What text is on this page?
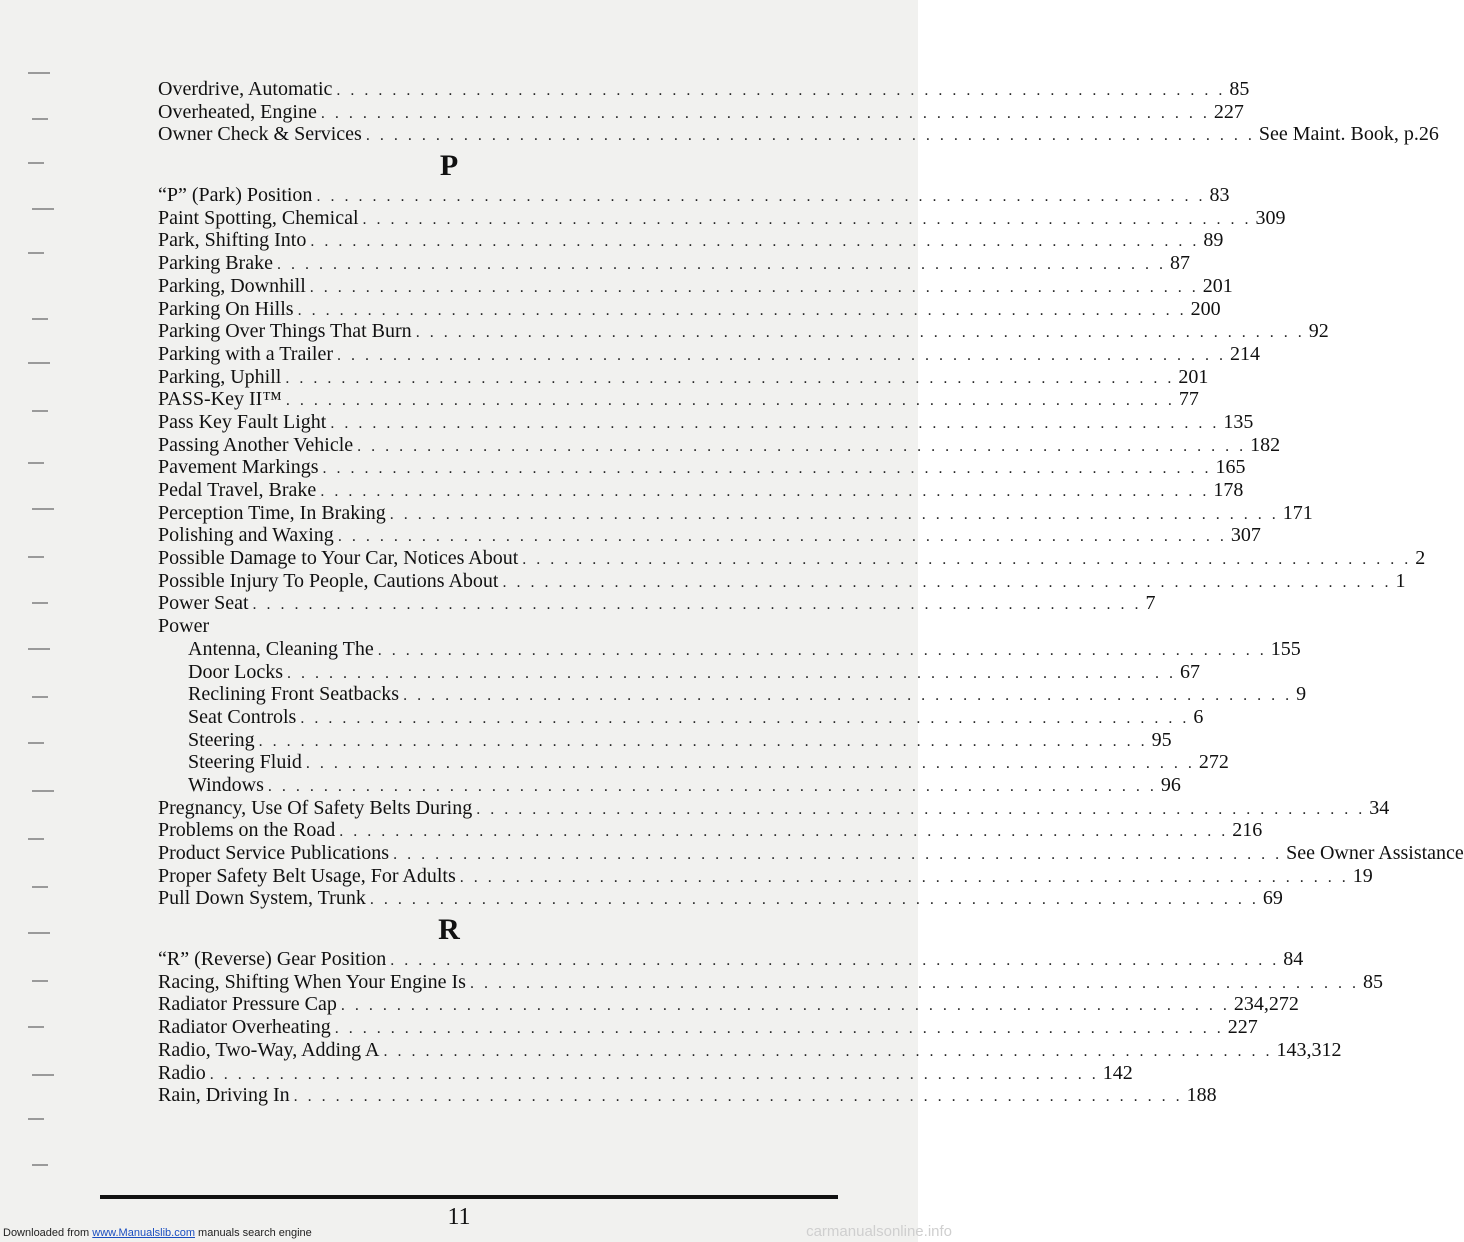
Overdrive, Automatic . . . . . . . . . . . . . . . . . . . . . . . . . . . . . . . . . . . . . . . . . . . . . . . . . . . . . . . . . . . . . . . . 85
Overheated, Engine . . . . . . . . . . . . . . . . . . . . . . . . . . . . . . . . . . . . . . . . . . . . . . . . . . . . . . . . . . . . . . . . 227
Owner Check & Services . . . . . . . . . . . . . . . . . . . . . . . . . . . . . . . . . . . . . . . . . . . . . . . . . . . . . . . . . . . . . . . . See Maint. Book, p.26
P
“P” (Park) Position . . . . . . . . . . . . . . . . . . . . . . . . . . . . . . . . . . . . . . . . . . . . . . . . . . . . . . . . . . . . . . . . 83
Paint Spotting, Chemical . . . . . . . . . . . . . . . . . . . . . . . . . . . . . . . . . . . . . . . . . . . . . . . . . . . . . . . . . . . . . . . . 309
Park, Shifting Into . . . . . . . . . . . . . . . . . . . . . . . . . . . . . . . . . . . . . . . . . . . . . . . . . . . . . . . . . . . . . . . . 89
Parking Brake . . . . . . . . . . . . . . . . . . . . . . . . . . . . . . . . . . . . . . . . . . . . . . . . . . . . . . . . . . . . . . . . 87
Parking, Downhill . . . . . . . . . . . . . . . . . . . . . . . . . . . . . . . . . . . . . . . . . . . . . . . . . . . . . . . . . . . . . . . . 201
Parking On Hills . . . . . . . . . . . . . . . . . . . . . . . . . . . . . . . . . . . . . . . . . . . . . . . . . . . . . . . . . . . . . . . . 200
Parking Over Things That Burn . . . . . . . . . . . . . . . . . . . . . . . . . . . . . . . . . . . . . . . . . . . . . . . . . . . . . . . . . . . . . . . . 92
Parking with a Trailer . . . . . . . . . . . . . . . . . . . . . . . . . . . . . . . . . . . . . . . . . . . . . . . . . . . . . . . . . . . . . . . . 214
Parking, Uphill . . . . . . . . . . . . . . . . . . . . . . . . . . . . . . . . . . . . . . . . . . . . . . . . . . . . . . . . . . . . . . . . 201
PASS-Key II™ . . . . . . . . . . . . . . . . . . . . . . . . . . . . . . . . . . . . . . . . . . . . . . . . . . . . . . . . . . . . . . . . 77
Pass Key Fault Light . . . . . . . . . . . . . . . . . . . . . . . . . . . . . . . . . . . . . . . . . . . . . . . . . . . . . . . . . . . . . . . . 135
Passing Another Vehicle . . . . . . . . . . . . . . . . . . . . . . . . . . . . . . . . . . . . . . . . . . . . . . . . . . . . . . . . . . . . . . . . 182
Pavement Markings . . . . . . . . . . . . . . . . . . . . . . . . . . . . . . . . . . . . . . . . . . . . . . . . . . . . . . . . . . . . . . . . 165
Pedal Travel, Brake . . . . . . . . . . . . . . . . . . . . . . . . . . . . . . . . . . . . . . . . . . . . . . . . . . . . . . . . . . . . . . . . 178
Perception Time, In Braking . . . . . . . . . . . . . . . . . . . . . . . . . . . . . . . . . . . . . . . . . . . . . . . . . . . . . . . . . . . . . . . . 171
Polishing and Waxing . . . . . . . . . . . . . . . . . . . . . . . . . . . . . . . . . . . . . . . . . . . . . . . . . . . . . . . . . . . . . . . . 307
Possible Damage to Your Car, Notices About . . . . . . . . . . . . . . . . . . . . . . . . . . . . . . . . . . . . . . . . . . . . . . . . . . . . . . . . . . . . . . . . 2
Possible Injury To People, Cautions About . . . . . . . . . . . . . . . . . . . . . . . . . . . . . . . . . . . . . . . . . . . . . . . . . . . . . . . . . . . . . . . . 1
Power Seat . . . . . . . . . . . . . . . . . . . . . . . . . . . . . . . . . . . . . . . . . . . . . . . . . . . . . . . . . . . . . . . . 7
Power
Antenna, Cleaning The . . . . . . . . . . . . . . . . . . . . . . . . . . . . . . . . . . . . . . . . . . . . . . . . . . . . . . . . . . . . . . . . 155
Door Locks . . . . . . . . . . . . . . . . . . . . . . . . . . . . . . . . . . . . . . . . . . . . . . . . . . . . . . . . . . . . . . . . 67
Reclining Front Seatbacks . . . . . . . . . . . . . . . . . . . . . . . . . . . . . . . . . . . . . . . . . . . . . . . . . . . . . . . . . . . . . . . . 9
Seat Controls . . . . . . . . . . . . . . . . . . . . . . . . . . . . . . . . . . . . . . . . . . . . . . . . . . . . . . . . . . . . . . . . 6
Steering . . . . . . . . . . . . . . . . . . . . . . . . . . . . . . . . . . . . . . . . . . . . . . . . . . . . . . . . . . . . . . . . 95
Steering Fluid . . . . . . . . . . . . . . . . . . . . . . . . . . . . . . . . . . . . . . . . . . . . . . . . . . . . . . . . . . . . . . . . 272
Windows . . . . . . . . . . . . . . . . . . . . . . . . . . . . . . . . . . . . . . . . . . . . . . . . . . . . . . . . . . . . . . . . 96
Pregnancy, Use Of Safety Belts During . . . . . . . . . . . . . . . . . . . . . . . . . . . . . . . . . . . . . . . . . . . . . . . . . . . . . . . . . . . . . . . . 34
Problems on the Road . . . . . . . . . . . . . . . . . . . . . . . . . . . . . . . . . . . . . . . . . . . . . . . . . . . . . . . . . . . . . . . . 216
Product Service Publications . . . . . . . . . . . . . . . . . . . . . . . . . . . . . . . . . . . . . . . . . . . . . . . . . . . . . . . . . . . . . . . . See Owner Assistance
Proper Safety Belt Usage, For Adults . . . . . . . . . . . . . . . . . . . . . . . . . . . . . . . . . . . . . . . . . . . . . . . . . . . . . . . . . . . . . . . . 19
Pull Down System, Trunk . . . . . . . . . . . . . . . . . . . . . . . . . . . . . . . . . . . . . . . . . . . . . . . . . . . . . . . . . . . . . . . . 69
R
“R” (Reverse) Gear Position . . . . . . . . . . . . . . . . . . . . . . . . . . . . . . . . . . . . . . . . . . . . . . . . . . . . . . . . . . . . . . . . 84
Racing, Shifting When Your Engine Is . . . . . . . . . . . . . . . . . . . . . . . . . . . . . . . . . . . . . . . . . . . . . . . . . . . . . . . . . . . . . . . . 85
Radiator Pressure Cap . . . . . . . . . . . . . . . . . . . . . . . . . . . . . . . . . . . . . . . . . . . . . . . . . . . . . . . . . . . . . . . . 234,272
Radiator Overheating . . . . . . . . . . . . . . . . . . . . . . . . . . . . . . . . . . . . . . . . . . . . . . . . . . . . . . . . . . . . . . . . 227
Radio, Two-Way, Adding A . . . . . . . . . . . . . . . . . . . . . . . . . . . . . . . . . . . . . . . . . . . . . . . . . . . . . . . . . . . . . . . . 143,312
Radio . . . . . . . . . . . . . . . . . . . . . . . . . . . . . . . . . . . . . . . . . . . . . . . . . . . . . . . . . . . . . . . . 142
Rain, Driving In . . . . . . . . . . . . . . . . . . . . . . . . . . . . . . . . . . . . . . . . . . . . . . . . . . . . . . . . . . . . . . . . 188
11
Downloaded from www.Manualslib.com manuals search engine	carmanualsonline.info
